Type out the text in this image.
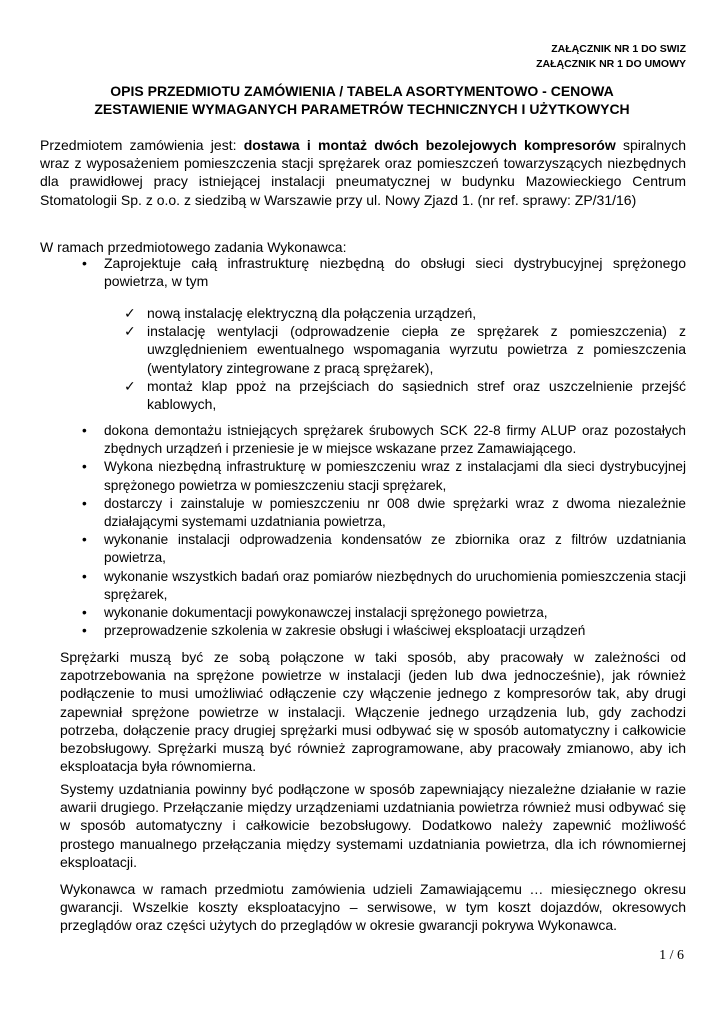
ZAŁĄCZNIK NR 1 DO SWIZ
ZAŁĄCZNIK NR 1 DO UMOWY
OPIS PRZEDMIOTU ZAMÓWIENIA / TABELA ASORTYMENTOWO - CENOWA
ZESTAWIENIE WYMAGANYCH PARAMETRÓW TECHNICZNYCH I UŻYTKOWYCH
Przedmiotem zamówienia jest: dostawa i montaż dwóch bezolejowych kompresorów spiralnych wraz z wyposażeniem pomieszczenia stacji sprężarek oraz pomieszczeń towarzyszących niezbędnych dla prawidłowej pracy istniejącej instalacji pneumatycznej w budynku Mazowieckiego Centrum Stomatologii Sp. z o.o. z siedzibą w Warszawie przy ul. Nowy Zjazd 1. (nr ref. sprawy: ZP/31/16)
W ramach przedmiotowego zadania Wykonawca:
• Zaprojektuje całą infrastrukturę niezbędną do obsługi sieci dystrybucyjnej sprężonego powietrza, w tym
✓ nową instalację elektryczną dla połączenia urządzeń,
✓ instalację wentylacji (odprowadzenie ciepła ze sprężarek z pomieszczenia) z uwzględnieniem ewentualnego wspomagania wyrzutu powietrza z pomieszczenia (wentylatory zintegrowane z pracą sprężarek),
✓ montaż klap ppoż na przejściach do sąsiednich stref oraz uszczelnienie przejść kablowych,
• dokona demontażu istniejących sprężarek śrubowych SCK 22-8 firmy ALUP oraz pozostałych zbędnych urządzeń i przeniesie je w miejsce wskazane przez Zamawiającego.
• Wykona niezbędną infrastrukturę w pomieszczeniu wraz z instalacjami dla sieci dystrybucyjnej sprężonego powietrza w pomieszczeniu stacji sprężarek,
• dostarczy i zainstaluje w pomieszczeniu nr 008 dwie sprężarki wraz z dwoma niezależnie działającymi systemami uzdatniania powietrza,
• wykonanie instalacji odprowadzenia kondensatów ze zbiornika oraz z filtrów uzdatniania powietrza,
• wykonanie wszystkich badań oraz pomiarów niezbędnych do uruchomienia pomieszczenia stacji sprężarek,
• wykonanie dokumentacji powykonawczej instalacji sprężonego powietrza,
• przeprowadzenie szkolenia w zakresie obsługi i właściwej eksploatacji urządzeń
Sprężarki muszą być ze sobą połączone w taki sposób, aby pracowały w zależności od zapotrzebowania na sprężone powietrze w instalacji (jeden lub dwa jednocześnie), jak również podłączenie to musi umożliwiać odłączenie czy włączenie jednego z kompresorów tak, aby drugi zapewniał sprężone powietrze w instalacji. Włączenie jednego urządzenia lub, gdy zachodzi potrzeba, dołączenie pracy drugiej sprężarki musi odbywać się w sposób automatyczny i całkowicie bezobsługowy. Sprężarki muszą być również zaprogramowane, aby pracowały zmianowo, aby ich eksploatacja była równomierna.
Systemy uzdatniania powinny być podłączone w sposób zapewniający niezależne działanie w razie awarii drugiego. Przełączanie między urządzeniami uzdatniania powietrza również musi odbywać się w sposób automatyczny i całkowicie bezobsługowy. Dodatkowo należy zapewnić możliwość prostego manualnego przełączania między systemami uzdatniania powietrza, dla ich równomiernej eksploatacji.
Wykonawca w ramach przedmiotu zamówienia udzieli Zamawiającemu … miesięcznego okresu gwarancji. Wszelkie koszty eksploatacyjno – serwisowe, w tym koszt dojazdów, okresowych przeglądów oraz części użytych do przeglądów w okresie gwarancji pokrywa Wykonawca.
1 / 6
